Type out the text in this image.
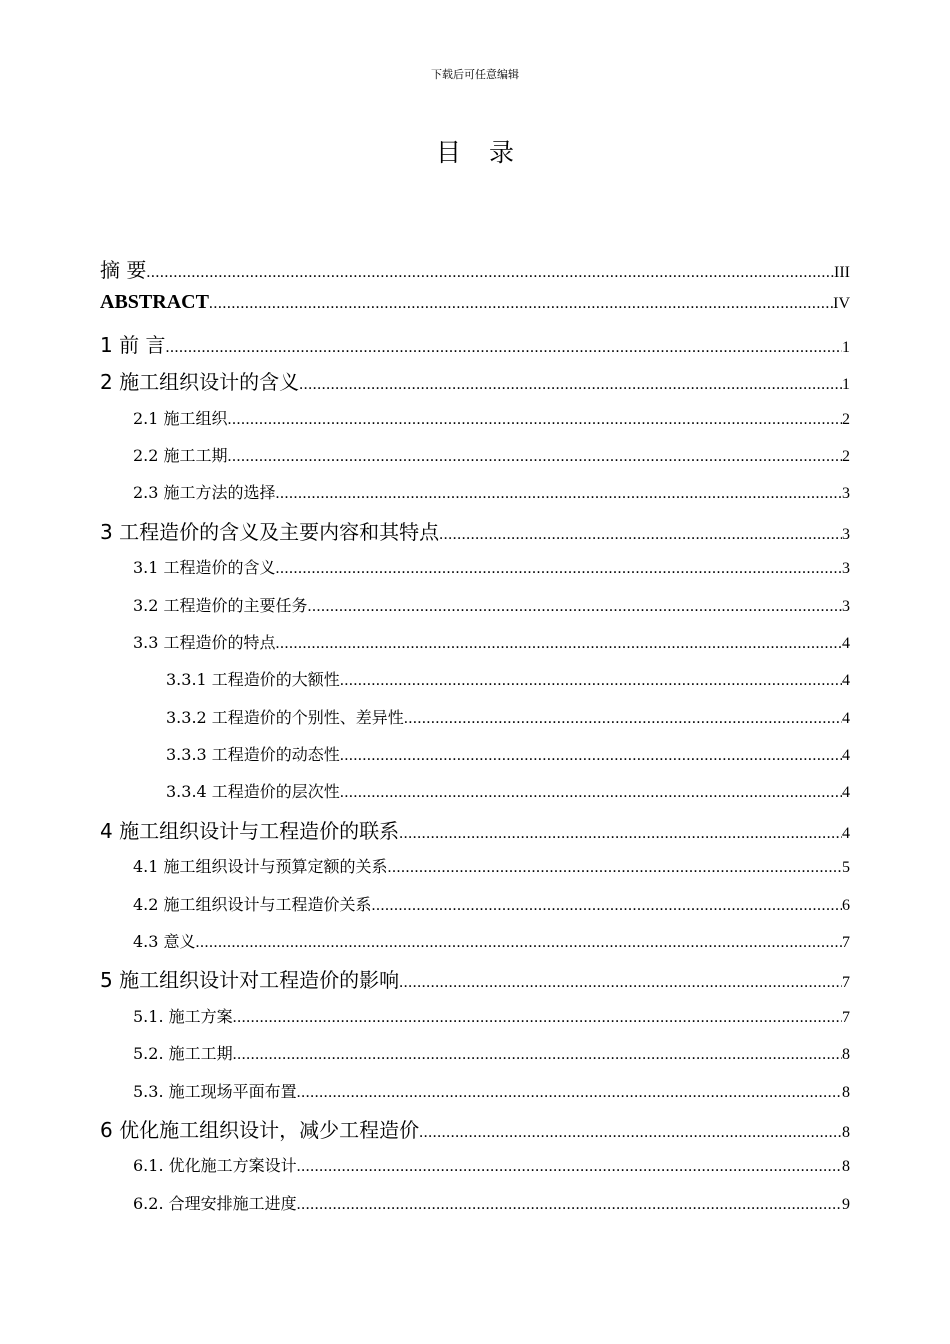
下载后可任意编辑
目录
摘 要 .....	III
ABSTRACT .....	IV
1 前 言 .....	1
2 施工组织设计的含义 .....	1
2.1 施工组织 .....	2
2.2 施工工期 .....	2
2.3 施工方法的选择 .....	3
3 工程造价的含义及主要内容和其特点 .....	3
3.1 工程造价的含义 .....	3
3.2 工程造价的主要任务 .....	3
3.3 工程造价的特点 .....	4
3.3.1 工程造价的大额性 .....	4
3.3.2 工程造价的个别性、差异性 .....	4
3.3.3 工程造价的动态性 .....	4
3.3.4 工程造价的层次性 .....	4
4 施工组织设计与工程造价的联系 .....	4
4.1 施工组织设计与预算定额的关系 .....	5
4.2 施工组织设计与工程造价关系 .....	6
4.3 意义 .....	7
5 施工组织设计对工程造价的影响 .....	7
5.1. 施工方案 .....	7
5.2. 施工工期 .....	8
5.3. 施工现场平面布置 .....	8
6 优化施工组织设计，减少工程造价 .....	8
6.1. 优化施工方案设计 .....	8
6.2. 合理安排施工进度 .....	9
